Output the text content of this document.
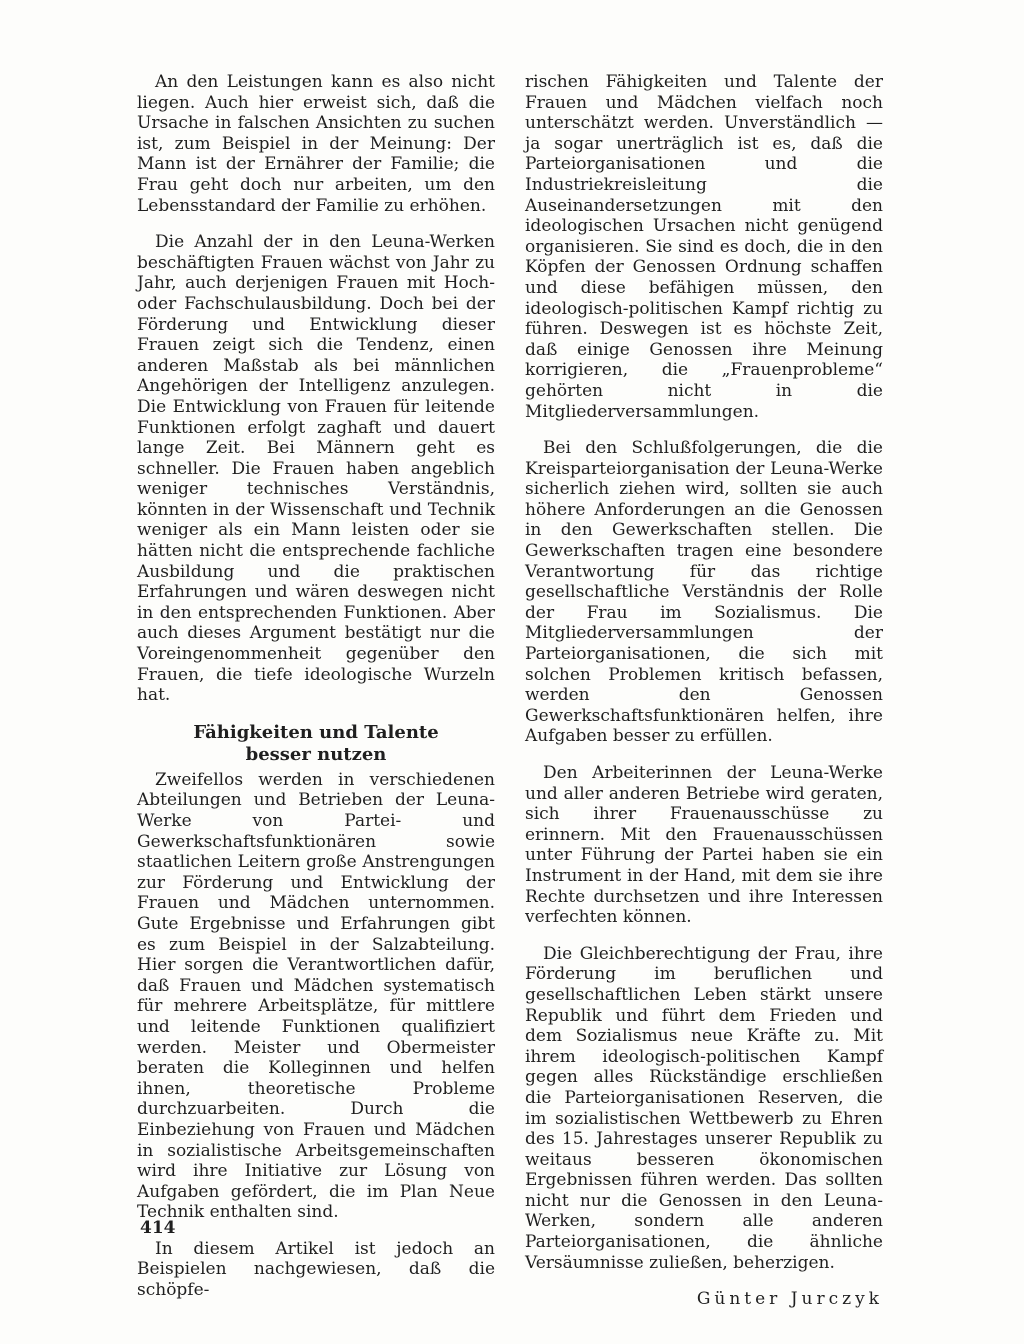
An den Leistungen kann es also nicht liegen. Auch hier erweist sich, daß die Ursache in falschen Ansichten zu suchen ist, zum Beispiel in der Meinung: Der Mann ist der Ernährer der Familie; die Frau geht doch nur arbeiten, um den Lebensstandard der Familie zu erhöhen.

Die Anzahl der in den Leuna-Werken beschäftigten Frauen wächst von Jahr zu Jahr, auch derjenigen Frauen mit Hoch- oder Fachschulausbildung. Doch bei der Förderung und Entwicklung dieser Frauen zeigt sich die Tendenz, einen anderen Maßstab als bei männlichen Angehörigen der Intelligenz anzulegen. Die Entwicklung von Frauen für leitende Funktionen erfolgt zaghaft und dauert lange Zeit. Bei Männern geht es schneller. Die Frauen haben angeblich weniger technisches Verständnis, könnten in der Wissenschaft und Technik weniger als ein Mann leisten oder sie hätten nicht die entsprechende fachliche Ausbildung und die praktischen Erfahrungen und wären deswegen nicht in den entsprechenden Funktionen. Aber auch dieses Argument bestätigt nur die Voreingenommenheit gegenüber den Frauen, die tiefe ideologische Wurzeln hat.

Fähigkeiten und Talente
besser nutzen

Zweifellos werden in verschiedenen Abteilungen und Betrieben der Leuna-Werke von Partei- und Gewerkschaftsfunktionären sowie staatlichen Leitern große Anstrengungen zur Förderung und Entwicklung der Frauen und Mädchen unternommen. Gute Ergebnisse und Erfahrungen gibt es zum Beispiel in der Salzabteilung. Hier sorgen die Verantwortlichen dafür, daß Frauen und Mädchen systematisch für mehrere Arbeitsplätze, für mittlere und leitende Funktionen qualifiziert werden. Meister und Obermeister beraten die Kolleginnen und helfen ihnen, theoretische Probleme durchzuarbeiten. Durch die Einbeziehung von Frauen und Mädchen in sozialistische Arbeitsgemeinschaften wird ihre Initiative zur Lösung von Aufgaben gefördert, die im Plan Neue Technik enthalten sind.

In diesem Artikel ist jedoch an Beispielen nachgewiesen, daß die schöpfe-

rischen Fähigkeiten und Talente der Frauen und Mädchen vielfach noch unterschätzt werden. Unverständlich — ja sogar unerträglich ist es, daß die Parteiorganisationen und die Industriekreisleitung die Auseinandersetzungen mit den ideologischen Ursachen nicht genügend organisieren. Sie sind es doch, die in den Köpfen der Genossen Ordnung schaffen und diese befähigen müssen, den ideologisch-politischen Kampf richtig zu führen. Deswegen ist es höchste Zeit, daß einige Genossen ihre Meinung korrigieren, die „Frauenprobleme“ gehörten nicht in die Mitgliederversammlungen.

Bei den Schlußfolgerungen, die die Kreisparteiorganisation der Leuna-Werke sicherlich ziehen wird, sollten sie auch höhere Anforderungen an die Genossen in den Gewerkschaften stellen. Die Gewerkschaften tragen eine besondere Verantwortung für das richtige gesellschaftliche Verständnis der Rolle der Frau im Sozialismus. Die Mitgliederversammlungen der Parteiorganisationen, die sich mit solchen Problemen kritisch befassen, werden den Genossen Gewerkschaftsfunktionären helfen, ihre Aufgaben besser zu erfüllen.

Den Arbeiterinnen der Leuna-Werke und aller anderen Betriebe wird geraten, sich ihrer Frauenausschüsse zu erinnern. Mit den Frauenausschüssen unter Führung der Partei haben sie ein Instrument in der Hand, mit dem sie ihre Rechte durchsetzen und ihre Interessen verfechten können.

Die Gleichberechtigung der Frau, ihre Förderung im beruflichen und gesellschaftlichen Leben stärkt unsere Republik und führt dem Frieden und dem Sozialismus neue Kräfte zu. Mit ihrem ideologisch-politischen Kampf gegen alles Rückständige erschließen die Parteiorganisationen Reserven, die im sozialistischen Wettbewerb zu Ehren des 15. Jahrestages unserer Republik zu weitaus besseren ökonomischen Ergebnissen führen werden. Das sollten nicht nur die Genossen in den Leuna-Werken, sondern alle anderen Parteiorganisationen, die ähnliche Versäumnisse zuließen, beherzigen.

Günter Jurczyk
414
